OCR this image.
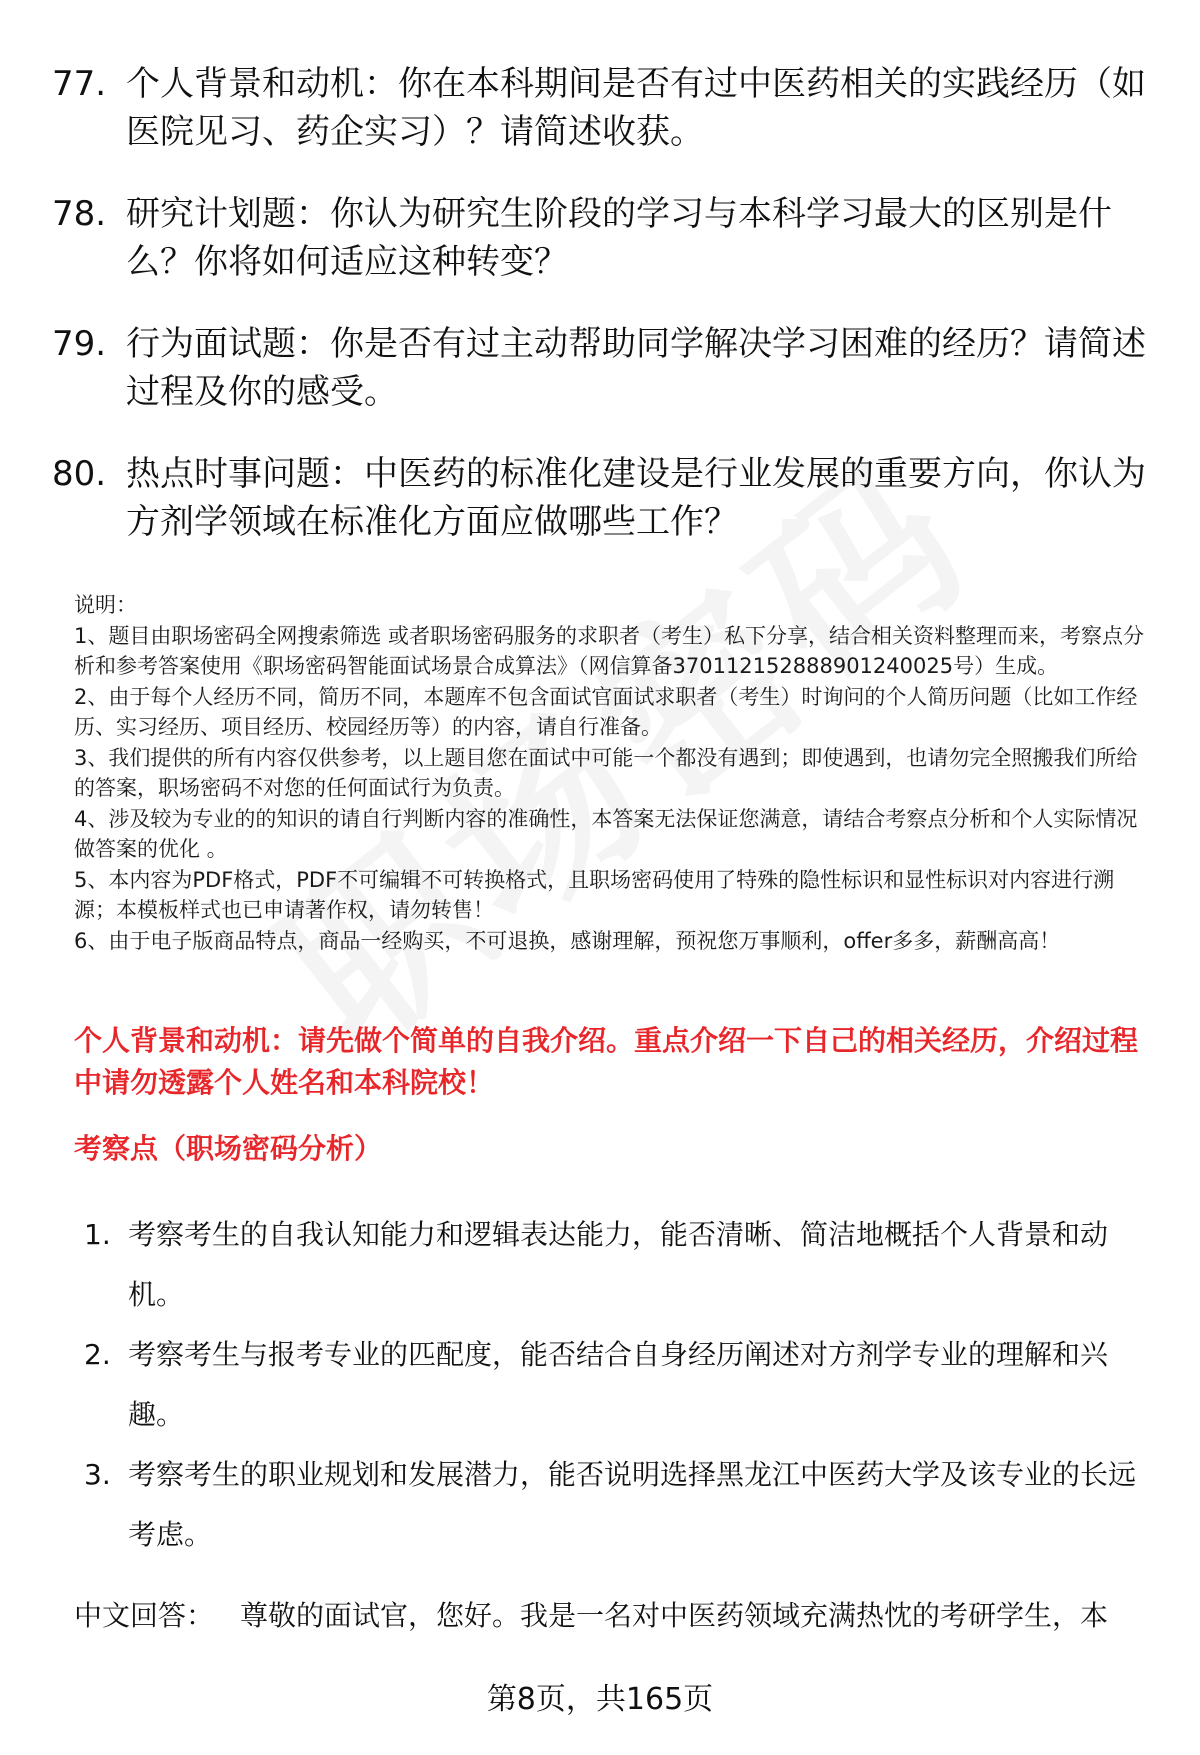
77. 个人背景和动机：你在本科期间是否有过中医药相关的实践经历（如医院见习、药企实习）？请简述收获。
78. 研究计划题：你认为研究生阶段的学习与本科学习最大的区别是什么？你将如何适应这种转变？
79. 行为面试题：你是否有过主动帮助同学解决学习困难的经历？请简述过程及你的感受。
80. 热点时事问题：中医药的标准化建设是行业发展的重要方向，你认为方剂学领域在标准化方面应做哪些工作？

说明：

1、题目由职场密码全网搜索筛选 或者职场密码服务的求职者（考生）私下分享，结合相关资料整理而来，考察点分析和参考答案使用《职场密码智能面试场景合成算法》（网信算备370112152888901240025号）生成。

2、由于每个人经历不同，简历不同，本题库不包含面试官面试求职者（考生）时询问的个人简历问题（比如工作经历、实习经历、项目经历、校园经历等）的内容，请自行准备。

3、我们提供的所有内容仅供参考，以上题目您在面试中可能一个都没有遇到；即使遇到，也请勿完全照搬我们所给的答案，职场密码不对您的任何面试行为负责。

4、涉及较为专业的的知识的请自行判断内容的准确性，本答案无法保证您满意，请结合考察点分析和个人实际情况做答案的优化 。

5、本内容为PDF格式，PDF不可编辑不可转换格式，且职场密码使用了特殊的隐性标识和显性标识对内容进行溯源；本模板样式也已申请著作权，请勿转售！

6、由于电子版商品特点，商品一经购买，不可退换，感谢理解，预祝您万事顺利，offer多多，薪酬高高！

个人背景和动机：请先做个简单的自我介绍。重点介绍一下自己的相关经历，介绍过程中请勿透露个人姓名和本科院校！
考察点（职场密码分析）
1. 考察考生的自我认知能力和逻辑表达能力，能否清晰、简洁地概括个人背景和动机。
2. 考察考生与报考专业的匹配度，能否结合自身经历阐述对方剂学专业的理解和兴趣。
3. 考察考生的职业规划和发展潜力，能否说明选择黑龙江中医药大学及该专业的长远考虑。
中文回答： 尊敬的面试官，您好。我是一名对中医药领域充满热忱的考研学生，本
第8页，共165页
